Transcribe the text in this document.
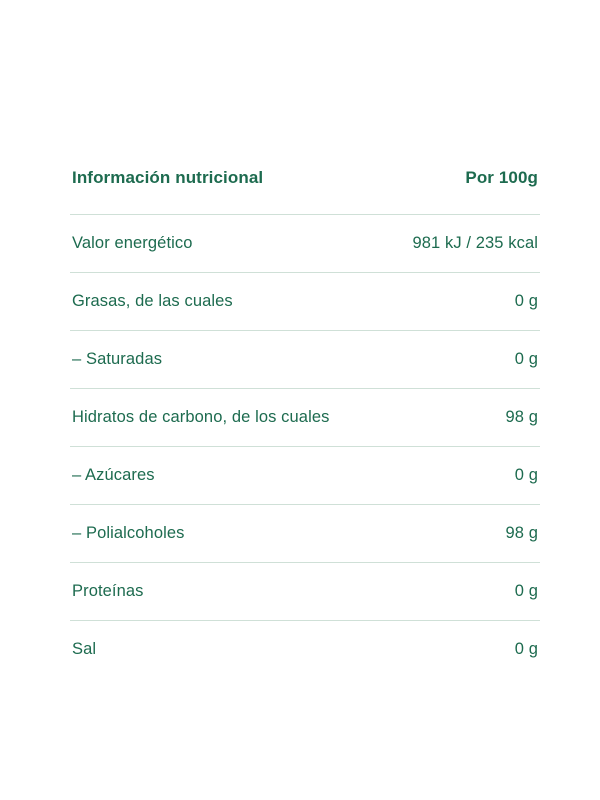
Información nutricional	Por 100g
Valor energético	981 kJ / 235 kcal
Grasas, de las cuales	0 g
– Saturadas	0 g
Hidratos de carbono, de los cuales	98 g
– Azúcares	0 g
– Polialcoholes	98 g
Proteínas	0 g
Sal	0 g
